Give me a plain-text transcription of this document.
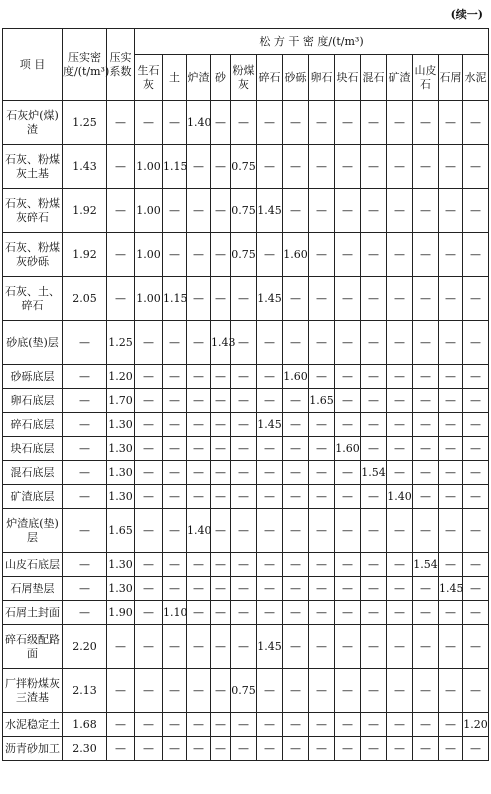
(续一)
项 目	压实密度/(t/m³)	压实系数	松 方 干 密 度/(t/m³)													
			生石灰	土	炉渣	砂	粉煤灰	碎石	砂砾	卵石	块石	混石	矿渣	山皮石	石屑	水泥
石灰炉(煤)渣	1.25	—	—	—	1.40	—	—	—	—	—	—	—	—	—	—	—
石灰、粉煤灰土基	1.43	—	1.00	1.15	—	—	0.75	—	—	—	—	—	—	—	—	—
石灰、粉煤灰碎石	1.92	—	1.00	—	—	—	0.75	1.45	—	—	—	—	—	—	—	—
石灰、粉煤灰砂砾	1.92	—	1.00	—	—	—	0.75	—	1.60	—	—	—	—	—	—	—
石灰、土、碎石	2.05	—	1.00	1.15	—	—	—	1.45	—	—	—	—	—	—	—	—
砂底(垫)层	—	1.25	—	—	—	1.43	—	—	—	—	—	—	—	—	—	—
砂砾底层	—	1.20	—	—	—	—	—	—	1.60	—	—	—	—	—	—	—
卵石底层	—	1.70	—	—	—	—	—	—	—	1.65	—	—	—	—	—	—
碎石底层	—	1.30	—	—	—	—	—	1.45	—	—	—	—	—	—	—	—
块石底层	—	1.30	—	—	—	—	—	—	—	—	1.60	—	—	—	—	—
混石底层	—	1.30	—	—	—	—	—	—	—	—	—	1.54	—	—	—	—
矿渣底层	—	1.30	—	—	—	—	—	—	—	—	—	—	1.40	—	—	—
炉渣底(垫)层	—	1.65	—	—	1.40	—	—	—	—	—	—	—	—	—	—	—
山皮石底层	—	1.30	—	—	—	—	—	—	—	—	—	—	—	1.54	—	—
石屑垫层	—	1.30	—	—	—	—	—	—	—	—	—	—	—	—	1.45	—
石屑土封面	—	1.90	—	1.10	—	—	—	—	—	—	—	—	—	—	—	—
碎石级配路面	2.20	—	—	—	—	—	—	1.45	—	—	—	—	—	—	—	—
厂拌粉煤灰三渣基	2.13	—	—	—	—	—	0.75	—	—	—	—	—	—	—	—	—
水泥稳定土	1.68	—	—	—	—	—	—	—	—	—	—	—	—	—	—	1.20
沥青砂加工	2.30	—	—	—	—	—	—	—	—	—	—	—	—	—	—	—
